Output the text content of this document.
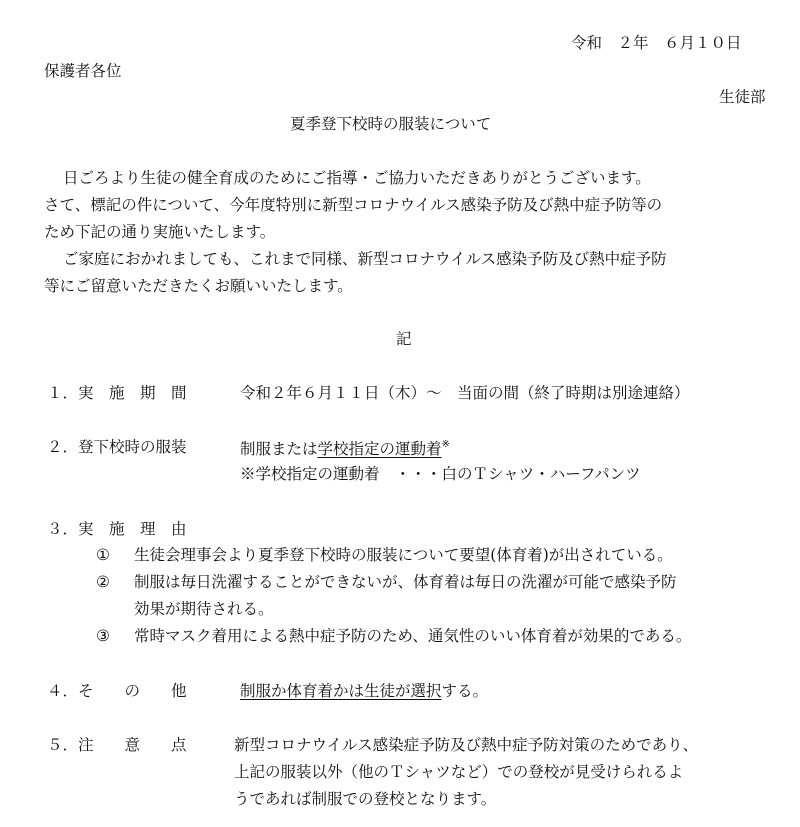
令和　２年　６月１０日
保護者各位
生徒部
夏季登下校時の服装について
日ごろより生徒の健全育成のためにご指導・ご協力いただきありがとうございます。
さて、標記の件について、今年度特別に新型コロナウイルス感染予防及び熱中症予防等の
ため下記の通り実施いたします。
ご家庭におかれましても、これまで同様、新型コロナウイルス感染予防及び熱中症予防
等にご留意いただきたくお願いいたします。
記
１．実　施　期　間	令和２年６月１１日（木）～　当面の間（終了時期は別途連絡）
２．登下校時の服装	制服または学校指定の運動着※
※学校指定の運動着　・・・白のＴシャツ・ハーフパンツ
３．実　施　理　由
① 生徒会理事会より夏季登下校時の服装について要望(体育着)が出されている。
② 制服は毎日洗濯することができないが、体育着は毎日の洗濯が可能で感染予防
効果が期待される。
③ 常時マスク着用による熱中症予防のため、通気性のいい体育着が効果的である。
４．そ　　の　　他	制服か体育着かは生徒が選択する。
５．注　　意　　点	新型コロナウイルス感染症予防及び熱中症予防対策のためであり、
上記の服装以外（他のＴシャツなど）での登校が見受けられるよ
うであれば制服での登校となります。
